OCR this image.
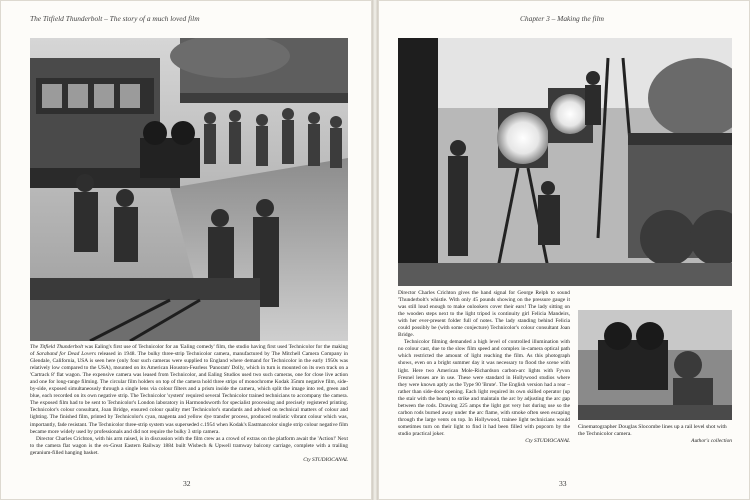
The Titfield Thunderbolt – The story of a much loved film

The Titfield Thunderbolt was Ealing's first use of Technicolor for an 'Ealing comedy' film, the studio having first used Technicolor for the making of Saraband for Dead Lovers released in 1948. The bulky three-strip Technicolor camera, manufactured by The Mitchell Camera Company in Glendale, California, USA is seen here (only four such cameras were supplied to England where demand for Technicolor in the early 1950s was relatively low compared to the USA), mounted on its American Houston-Fearless 'Panoram' Dolly, which in turn is mounted on its own track on a 'Cartrack 8' flat wagon. The expensive camera was leased from Technicolor, and Ealing Studios used two such cameras, one for close live action and one for long-range filming. The circular film holders on top of the camera hold three strips of monochrome Kodak 35mm negative film, side-by-side, exposed simultaneously through a single lens via colour filters and a prism inside the camera, which split the image into red, green and blue, each recorded on its own negative strip. The Technicolor 'system' required several Technicolor trained technicians to accompany the camera. The exposed film had to be sent to Technicolor's London laboratory in Harmondsworth for specialist processing and precisely registered printing. Technicolor's colour consultant, Joan Bridge, ensured colour quality met Technicolor's standards and advised on technical matters of colour and lighting. The finished film, printed by Technicolor's cyan, magenta and yellow dye transfer process, produced realistic vibrant colour which was, importantly, fade resistant. The Technicolor three-strip system was superseded c.1954 when Kodak's Eastmancolor single strip colour negative film became more widely used by professionals and did not require the bulky 3 strip camera.

Director Charles Crichton, with his arm raised, is in discussion with the film crew as a crowd of extras on the platform await the 'Action!' Next to the camera flat wagon is the ex-Great Eastern Railway 1884 built Wisbech & Upwell tramway balcony carriage, complete with a trailing geranium-filled hanging basket.

Cty STUDIOCANAL
32
Chapter 3 – Making the film

Director Charles Crichton gives the hand signal for George Relph to sound 'Thunderbolt's whistle. With only 45 pounds showing on the pressure gauge it was still loud enough to make onlookers cover their ears! The lady sitting on the wooden steps next to the light tripod is continuity girl Felicia Mandeirs, with her ever-present folder full of notes. The lady standing behind Felicia could possibly be (with some conjecture) Technicolor's colour consultant Joan Bridge.

Technicolor filming demanded a high level of controlled illumination with no colour cast, due to the slow film speed and complex in-camera optical path which restricted the amount of light reaching the film. As this photograph shows, even on a bright summer day it was necessary to flood the scene with light. Here two American Mole-Richardson carbon-arc lights with Fyvon Fresnel lenses are in use. These were standard in Hollywood studios where they were known aptly as the Type 90 'Brute'. The English version had a rear – rather than side-door opening. Each light required its own skilled operator (up the stair with the beam) to strike and maintain the arc by adjusting the arc gap between the rods. Drawing 225 amps the light got very hot during use so the carbon rods burned away under the arc flame, with smoke often seen escaping through the large vents on top. In Hollywood, trainee light technicians would sometimes turn on their light to find it had been filled with popcorn by the studio practical joker.

Cty STUDIOCANAL
Cinematographer Douglas Slocombe lines up a rail level shot with the Technicolor camera.
Author's collection
33
